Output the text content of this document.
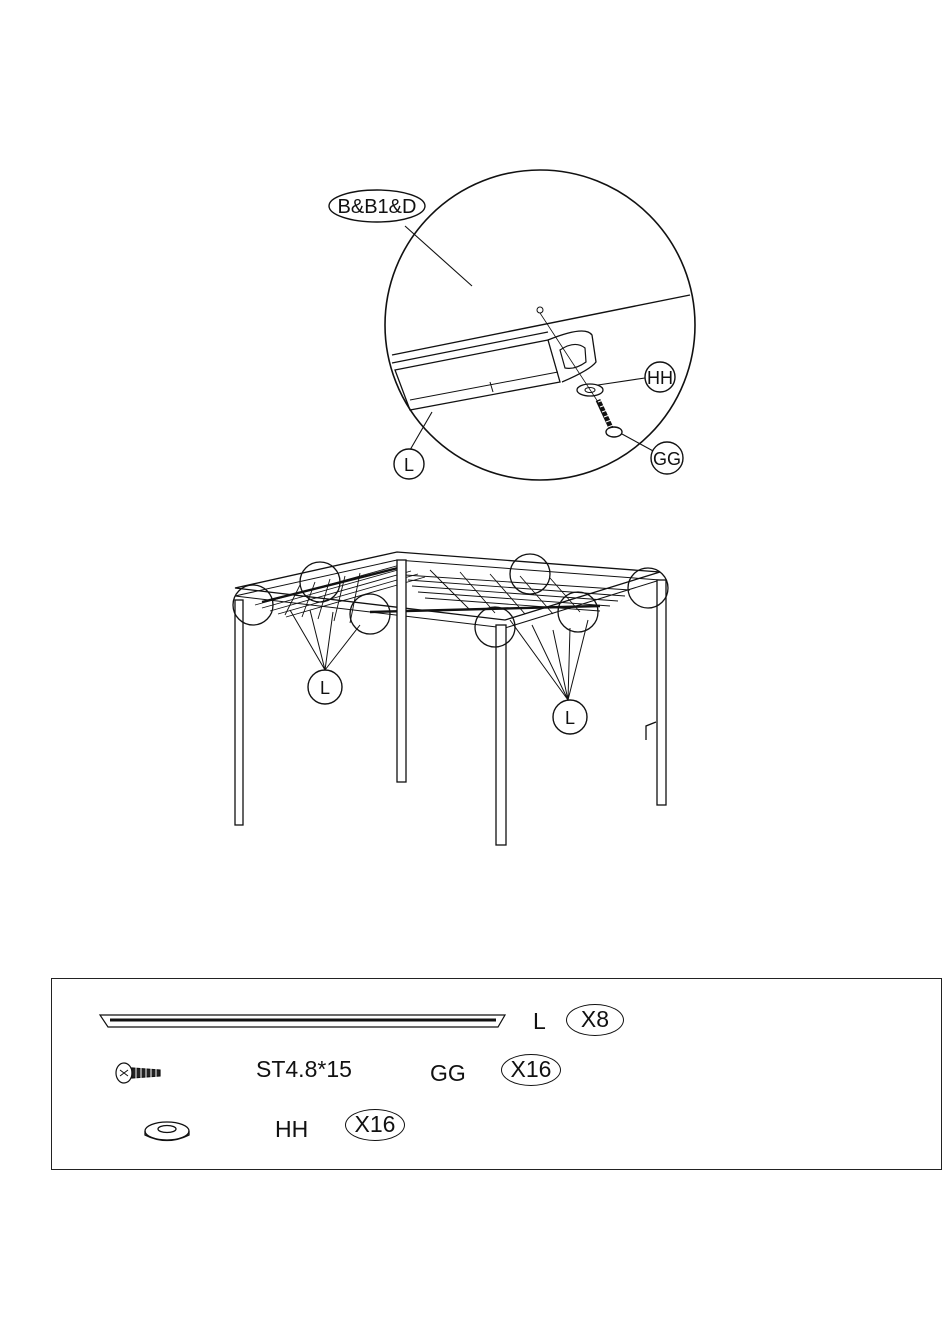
B&B1&D
HH
GG
L
L
L
L	X8
ST4.8*15	GG	X16
HH	X16
